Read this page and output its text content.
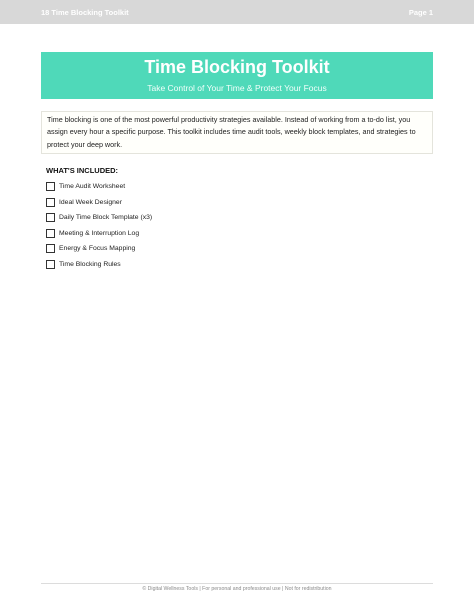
18 Time Blocking Toolkit	Page 1
Time Blocking Toolkit
Take Control of Your Time & Protect Your Focus

Time blocking is one of the most powerful productivity strategies available. Instead of working from a to-do list, you assign every hour a specific purpose. This toolkit includes time audit tools, weekly block templates, and strategies to protect your deep work.

WHAT'S INCLUDED:
Time Audit Worksheet
Ideal Week Designer
Daily Time Block Template (x3)
Meeting & Interruption Log
Energy & Focus Mapping
Time Blocking Rules
© Digital Wellness Tools | For personal and professional use | Not for redistribution
